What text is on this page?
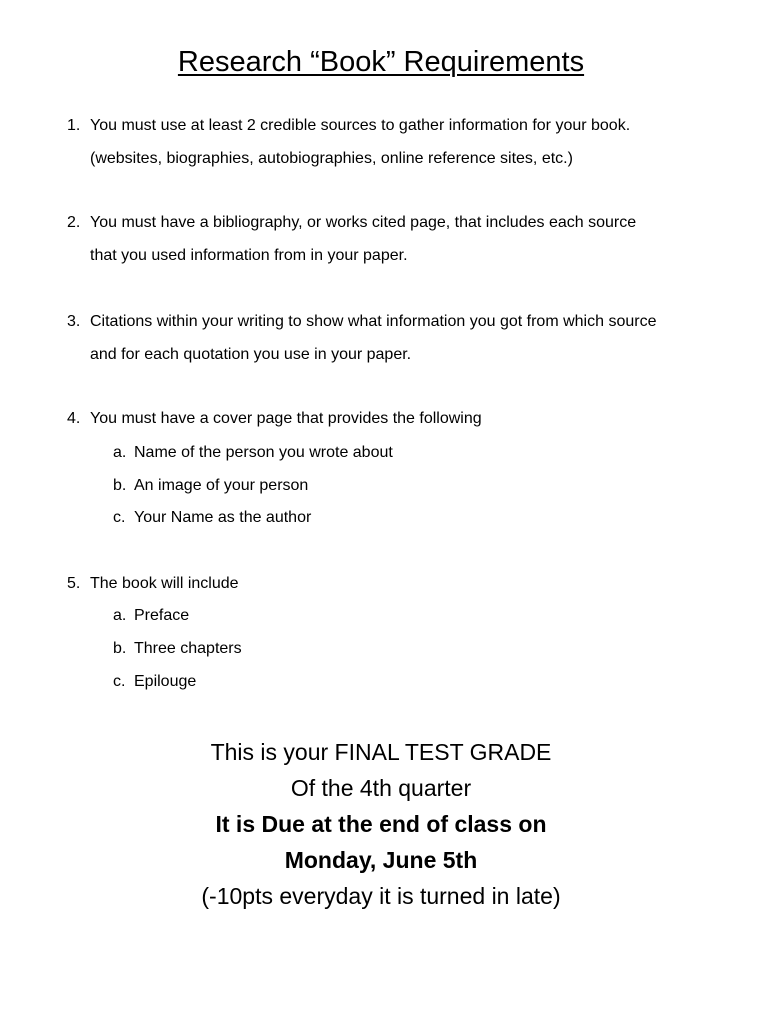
Research “Book” Requirements
1. You must use at least 2 credible sources to gather information for your book.
(websites, biographies, autobiographies, online reference sites, etc.)
2. You must have a bibliography, or works cited page, that includes each source
that you used information from in your paper.
3. Citations within your writing to show what information you got from which source
and for each quotation you use in your paper.
4. You must have a cover page that provides the following
a. Name of the person you wrote about
b. An image of your person
c. Your Name as the author
5. The book will include
a. Preface
b. Three chapters
c. Epilouge
This is your FINAL TEST GRADE
Of the 4th quarter
It is Due at the end of class on
Monday, June 5th
(-10pts everyday it is turned in late)
